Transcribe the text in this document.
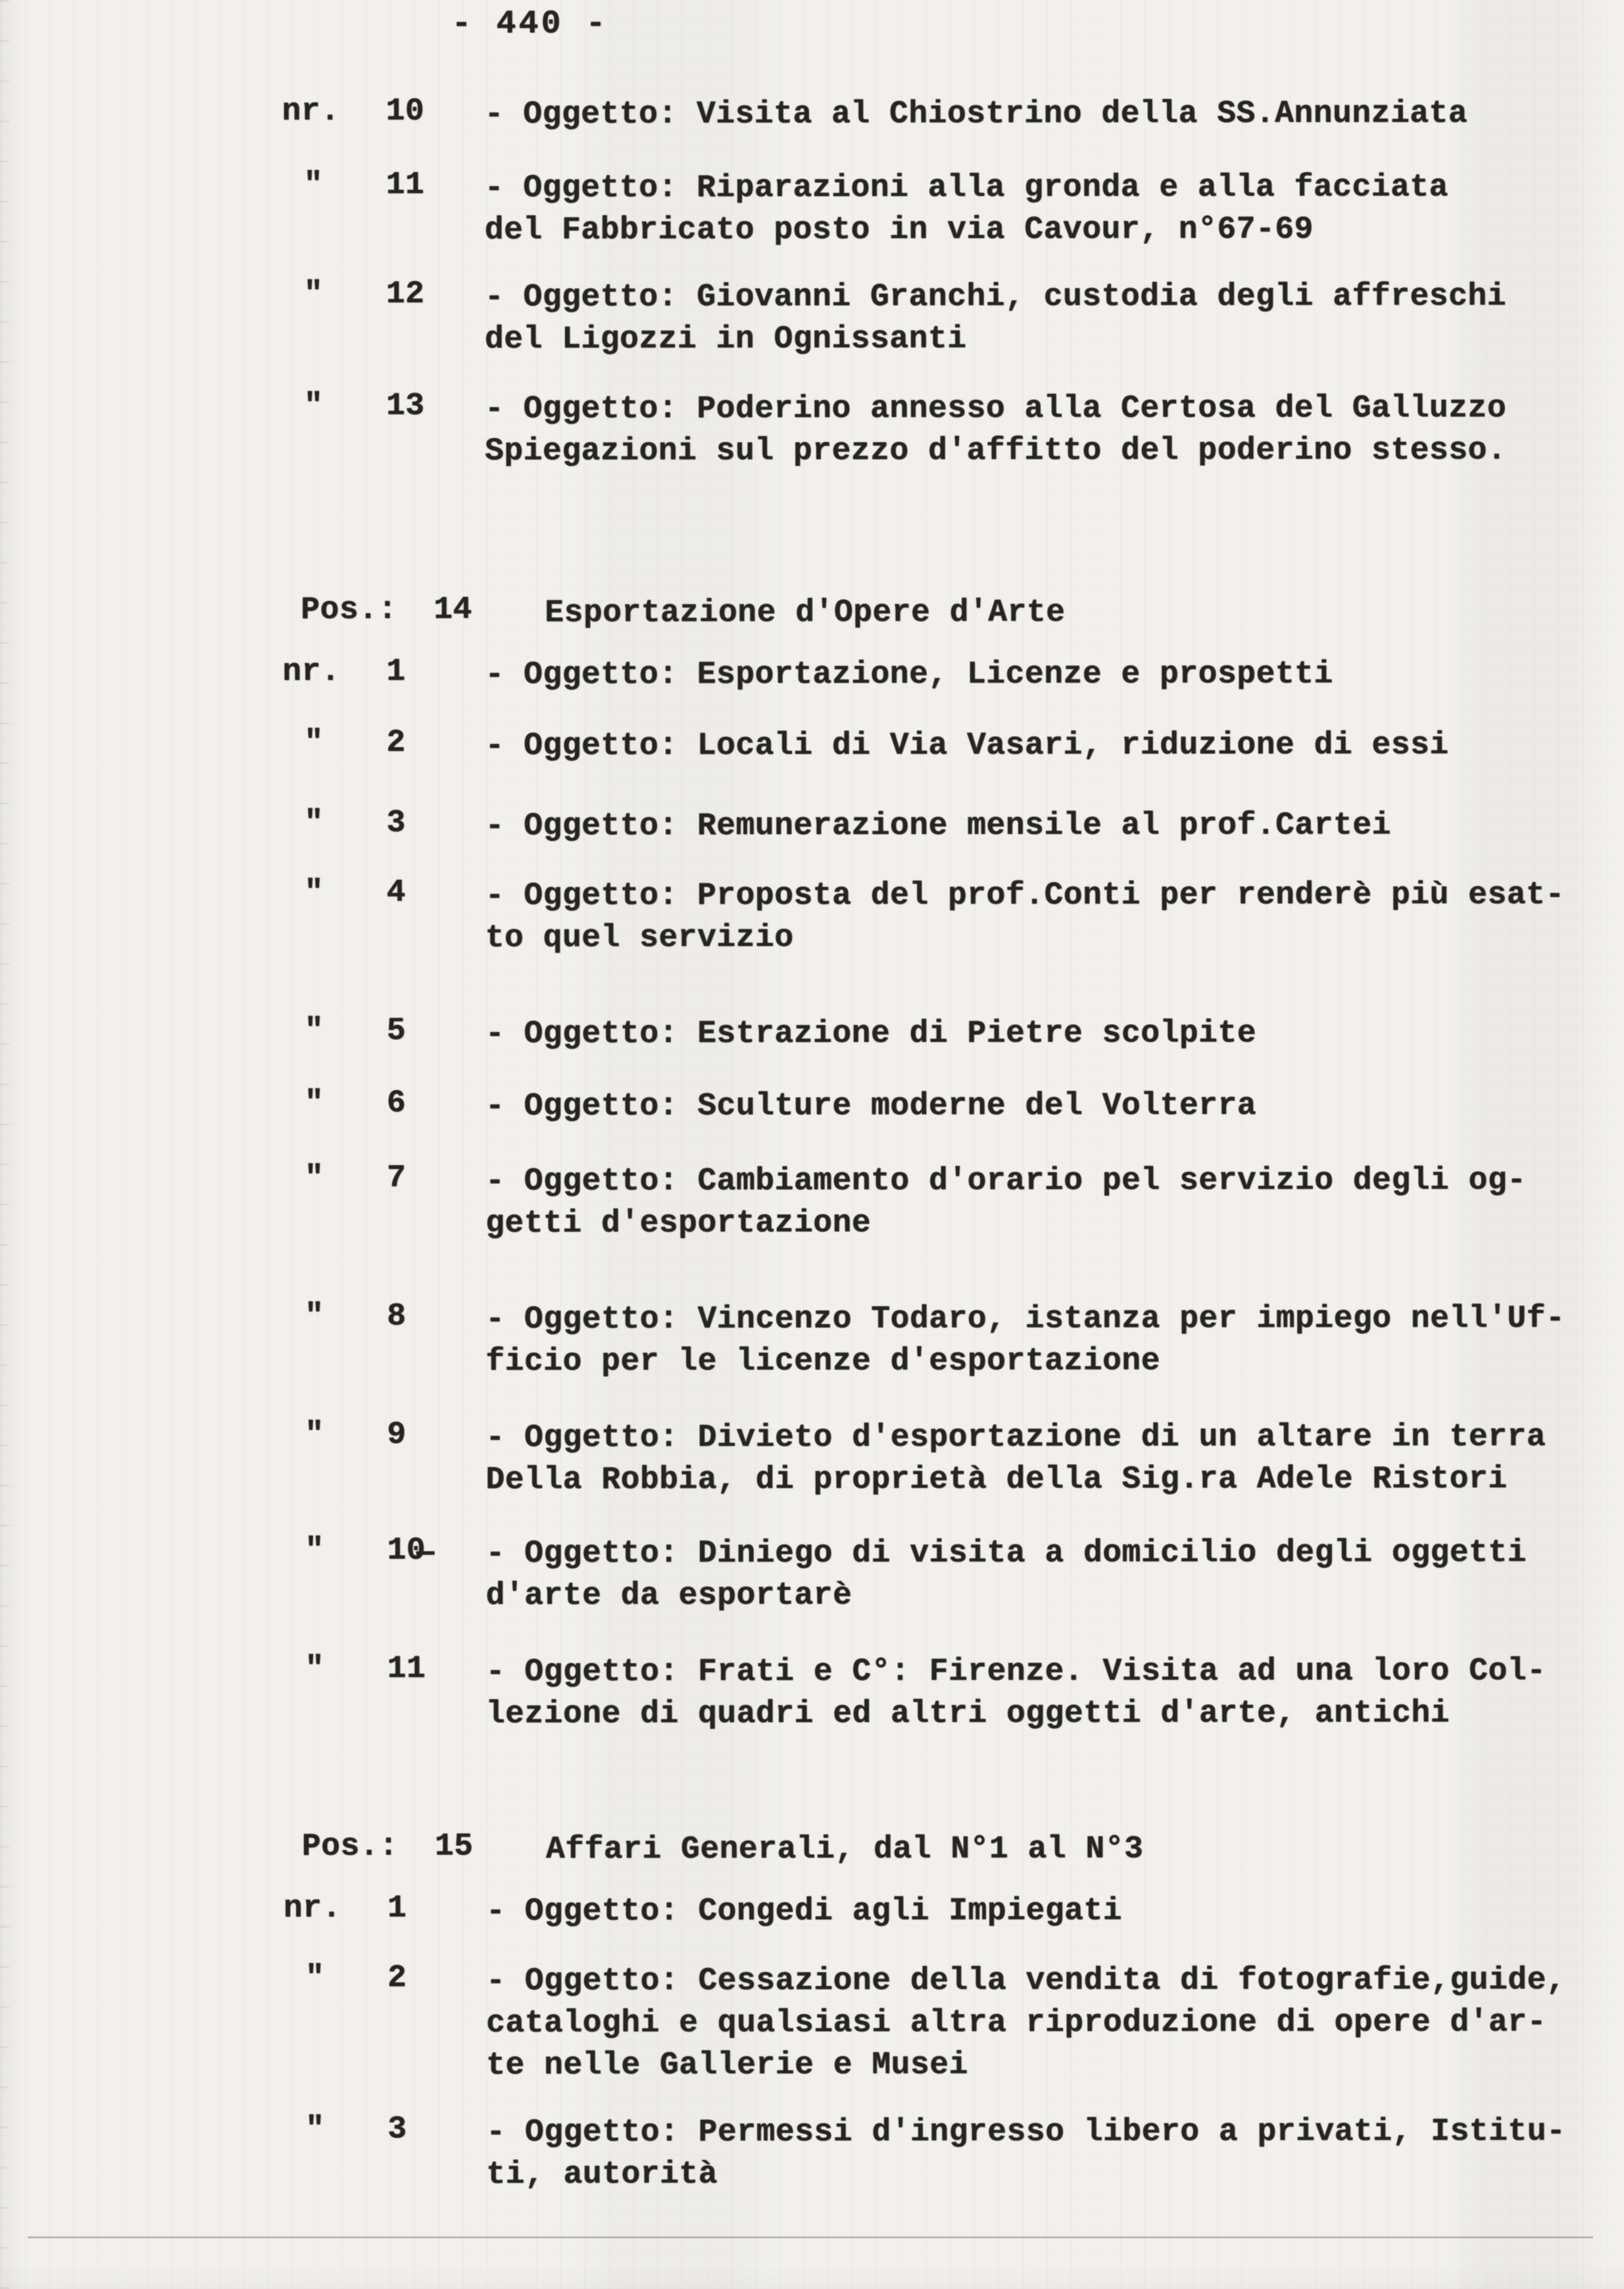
- 440 -
nr. 10 - Oggetto: Visita al Chiostrino della SS.Annunziata
" 11 - Oggetto: Riparazioni alla gronda e alla facciata
del Fabbricato posto in via Cavour, n°67-69
" 12 - Oggetto: Giovanni Granchi, custodia degli affreschi
del Ligozzi in Ognissanti
" 13 - Oggetto: Poderino annesso alla Certosa del Galluzzo
Spiegazioni sul prezzo d'affitto del poderino stesso.
Pos.: 14 Esportazione d'Opere d'Arte
nr. 1	- Oggetto: Esportazione, Licenze e prospetti
" 2	- Oggetto: Locali di Via Vasari, riduzione di essi
" 3	- Oggetto: Remunerazione mensile al prof.Cartei
" 4	- Oggetto: Proposta del prof.Conti per renderè più esat-
to quel servizio
" 5	- Oggetto: Estrazione di Pietre scolpite
" 6	- Oggetto: Sculture moderne del Volterra
" 7	- Oggetto: Cambiamento d'orario pel servizio degli og-
getti d'esportazione
" 8	- Oggetto: Vincenzo Todaro, istanza per impiego nell'Uf-
ficio per le licenze d'esportazione
" 9	- Oggetto: Divieto d'esportazione di un altare in terra
Della Robbia, di proprietà della Sig.ra Adele Ristori
" 10̶ - Oggetto: Diniego di visita a domicilio degli oggetti
d'arte da esportarè
" 11 - Oggetto: Frati e C°: Firenze. Visita ad una loro Col-
lezione di quadri ed altri oggetti d'arte, antichi
Pos.: 15 Affari Generali, dal N°1 al N°3
nr. 1	- Oggetto: Congedi agli Impiegati
" 2	- Oggetto: Cessazione della vendita di fotografie,guide,
cataloghi e qualsiasi altra riproduzione di opere d'ar-
te nelle Gallerie e Musei
" 3	- Oggetto: Permessi d'ingresso libero a privati, Istitu-
ti, autorità
